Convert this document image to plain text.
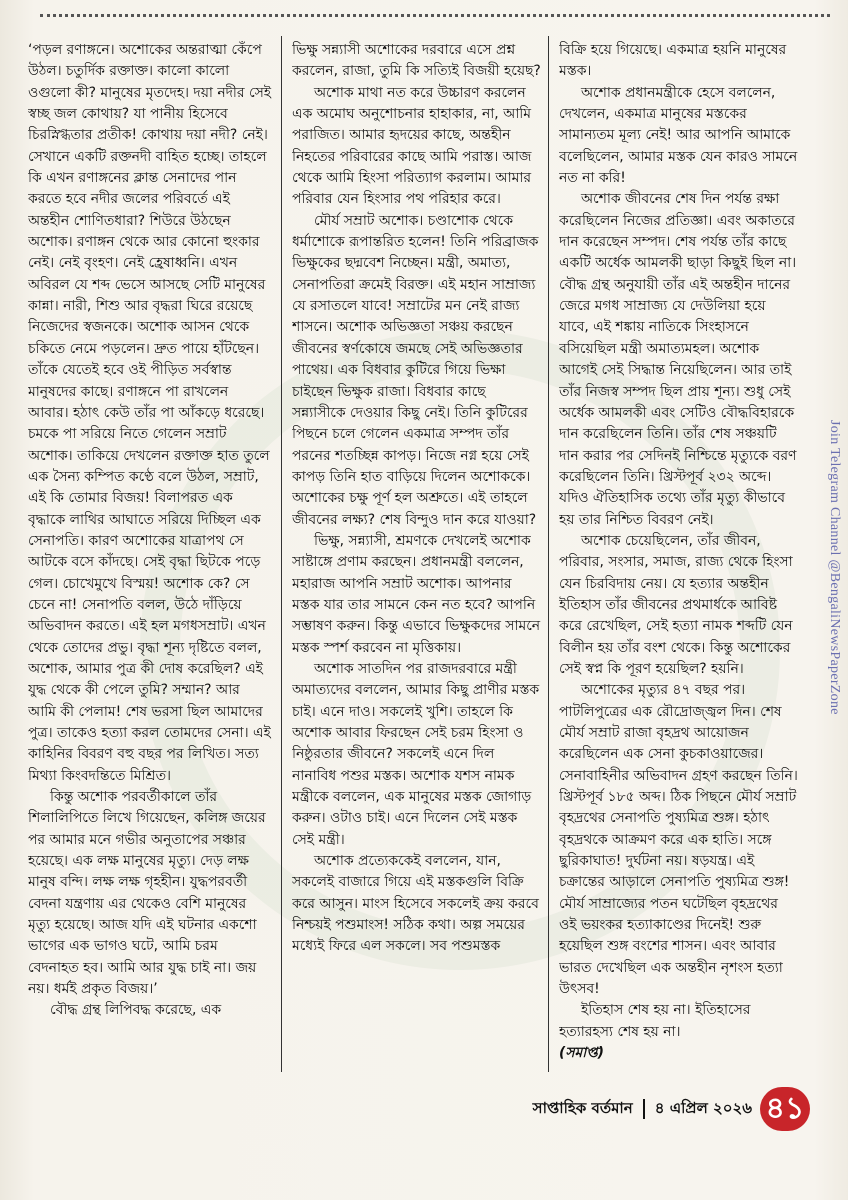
‘পড়ল রণাঙ্গনে। অশোকের অন্তরাত্মা কেঁপে উঠল। চতুর্দিক রক্তাক্ত। কালো কালো ওগুলো কী? মানুষের মৃতদেহ। দয়া নদীর সেই স্বচ্ছ জল কোথায়? যা পানীয় হিসেবে চিরস্নিগ্ধতার প্রতীক! কোথায় দয়া নদী? নেই। সেখানে একটি রক্তনদী বাহিত হচ্ছে। তাহলে কি এখন রণাঙ্গনের ক্লান্ত সেনাদের পান করতে হবে নদীর জলের পরিবর্তে এই অন্তহীন শোণিতধারা? শিউরে উঠছেন অশোক। রণাঙ্গন থেকে আর কোনো হুংকার নেই। নেই বৃংহণ। নেই হ্রেষাধ্বনি। এখন অবিরল যে শব্দ ভেসে আসছে সেটি মানুষের কান্না। নারী, শিশু আর বৃদ্ধরা ঘিরে রয়েছে নিজেদের স্বজনকে। অশোক আসন থেকে চকিতে নেমে পড়লেন। দ্রুত পায়ে হাঁটছেন। তাঁকে যেতেই হবে ওই পীড়িত সর্বস্বান্ত মানুষদের কাছে। রণাঙ্গনে পা রাখলেন আবার। হঠাৎ কেউ তাঁর পা আঁকড়ে ধরেছে। চমকে পা সরিয়ে নিতে গেলেন সম্রাট অশোক। তাকিয়ে দেখলেন রক্তাক্ত হাত তুলে এক সৈন্য কম্পিত কণ্ঠে বলে উঠল, সম্রাট, এই কি তোমার বিজয়! বিলাপরত এক বৃদ্ধাকে লাথির আঘাতে সরিয়ে দিচ্ছিল এক সেনাপতি। কারণ অশোকের যাত্রাপথ সে আটকে বসে কাঁদছে। সেই বৃদ্ধা ছিটকে পড়ে গেল। চোখেমুখে বিস্ময়! অশোক কে? সে চেনে না! সেনাপতি বলল, উঠে দাঁড়িয়ে অভিবাদন করতে। এই হল মগধসম্রাট। এখন থেকে তোদের প্রভু। বৃদ্ধা শূন্য দৃষ্টিতে বলল, অশোক, আমার পুত্র কী দোষ করেছিল? এই যুদ্ধ থেকে কী পেলে তুমি? সম্মান? আর আমি কী পেলাম! শেষ ভরসা ছিল আমাদের পুত্র। তাকেও হত্যা করল তোমদের সেনা। এই কাহিনির বিবরণ বহু বছর পর লিখিত। সত্য মিথ্যা কিংবদন্তিতে মিশ্রিত।

কিন্তু অশোক পরবর্তীকালে তাঁর শিলালিপিতে লিখে গিয়েছেন, কলিঙ্গ জয়ের পর আমার মনে গভীর অনুতাপের সঞ্চার হয়েছে। এক লক্ষ মানুষের মৃত্যু। দেড় লক্ষ মানুষ বন্দি। লক্ষ লক্ষ গৃহহীন। যুদ্ধপরবর্তী বেদনা যন্ত্রণায় এর থেকেও বেশি মানুষের মৃত্যু হয়েছে। আজ যদি এই ঘটনার একশো ভাগের এক ভাগও ঘটে, আমি চরম বেদনাহত হব। আমি আর যুদ্ধ চাই না। জয় নয়। ধর্মই প্রকৃত বিজয়।’

বৌদ্ধ গ্রন্থ লিপিবদ্ধ করেছে, এক

ভিক্ষু সন্ন্যাসী অশোকের দরবারে এসে প্রশ্ন করলেন, রাজা, তুমি কি সত্যিই বিজয়ী হয়েছ?

অশোক মাথা নত করে উচ্চারণ করলেন এক অমোঘ অনুশোচনার হাহাকার, না, আমি পরাজিত। আমার হৃদয়ের কাছে, অন্তহীন নিহতের পরিবারের কাছে আমি পরাস্ত। আজ থেকে আমি হিংসা পরিত্যাগ করলাম। আমার পরিবার যেন হিংসার পথ পরিহার করে।

মৌর্য সম্রাট অশোক। চণ্ডাশোক থেকে ধর্মাশোকে রূপান্তরিত হলেন! তিনি পরিব্রাজক ভিক্ষুকের ছদ্মবেশ নিচ্ছেন। মন্ত্রী, অমাত্য, সেনাপতিরা ক্রমেই বিরক্ত। এই মহান সাম্রাজ্য যে রসাতলে যাবে! সম্রাটের মন নেই রাজ্য শাসনে। অশোক অভিজ্ঞতা সঞ্চয় করছেন জীবনের স্বর্ণকোষে জমছে সেই অভিজ্ঞতার পাথেয়। এক বিধবার কুটিরে গিয়ে ভিক্ষা চাইছেন ভিক্ষুক রাজা। বিধবার কাছে সন্ন্যাসীকে দেওয়ার কিছু নেই। তিনি কুটিরের পিছনে চলে গেলেন একমাত্র সম্পদ তাঁর পরনের শতচ্ছিন্ন কাপড়। নিজে নগ্ন হয়ে সেই কাপড় তিনি হাত বাড়িয়ে দিলেন অশোককে। অশোকের চক্ষু পূর্ণ হল অশ্রুতে। এই তাহলে জীবনের লক্ষ্য? শেষ বিন্দুও দান করে যাওয়া?

ভিক্ষু, সন্ন্যাসী, শ্রমণকে দেখলেই অশোক সাষ্টাঙ্গে প্রণাম করছেন। প্রধানমন্ত্রী বললেন, মহারাজ আপনি সম্রাট অশোক। আপনার মস্তক যার তার সামনে কেন নত হবে? আপনি সম্ভাষণ করুন। কিন্তু এভাবে ভিক্ষুকদের সামনে মস্তক স্পর্শ করবেন না মৃত্তিকায়।

অশোক সাতদিন পর রাজদরবারে মন্ত্রী অমাত্যদের বললেন, আমার কিছু প্রাণীর মস্তক চাই। এনে দাও। সকলেই খুশি। তাহলে কি অশোক আবার ফিরছেন সেই চরম হিংসা ও নিষ্ঠুরতার জীবনে? সকলেই এনে দিল নানাবিধ পশুর মস্তক। অশোক যশস নামক মন্ত্রীকে বললেন, এক মানুষের মস্তক জোগাড় করুন। ওটাও চাই। এনে দিলেন সেই মস্তক সেই মন্ত্রী।

অশোক প্রত্যেককেই বললেন, যান, সকলেই বাজারে গিয়ে এই মস্তকগুলি বিক্রি করে আসুন। মাংস হিসেবে সকলেই ক্রয় করবে নিশ্চয়ই পশুমাংস! সঠিক কথা। অল্প সময়ের মধ্যেই ফিরে এল সকলে। সব পশুমস্তক

বিক্রি হয়ে গিয়েছে। একমাত্র হয়নি মানুষের মস্তক।

অশোক প্রধানমন্ত্রীকে হেসে বললেন, দেখলেন, একমাত্র মানুষের মস্তকের সামান্যতম মূল্য নেই! আর আপনি আমাকে বলেছিলেন, আমার মস্তক যেন কারও সামনে নত না করি!

অশোক জীবনের শেষ দিন পর্যন্ত রক্ষা করেছিলেন নিজের প্রতিজ্ঞা। এবং অকাতরে দান করেছেন সম্পদ। শেষ পর্যন্ত তাঁর কাছে একটি অর্ধেক আমলকী ছাড়া কিছুই ছিল না। বৌদ্ধ গ্রন্থ অনুযায়ী তাঁর এই অন্তহীন দানের জেরে মগধ সাম্রাজ্য যে দেউলিয়া হয়ে যাবে, এই শঙ্কায় নাতিকে সিংহাসনে বসিয়েছিল মন্ত্রী অমাত্যমহল। অশোক আগেই সেই সিদ্ধান্ত নিয়েছিলেন। আর তাই তাঁর নিজস্ব সম্পদ ছিল প্রায় শূন্য। শুধু সেই অর্ধেক আমলকী এবং সেটিও বৌদ্ধবিহারকে দান করেছিলেন তিনি। তাঁর শেষ সঞ্চয়টি দান করার পর সেদিনই নিশ্চিন্তে মৃত্যুকে বরণ করেছিলেন তিনি। খ্রিস্টপূর্ব ২৩২ অব্দে। যদিও ঐতিহাসিক তথ্যে তাঁর মৃত্যু কীভাবে হয় তার নিশ্চিত বিবরণ নেই।

অশোক চেয়েছিলেন, তাঁর জীবন, পরিবার, সংসার, সমাজ, রাজ্য থেকে হিংসা যেন চিরবিদায় নেয়। যে হত্যার অন্তহীন ইতিহাস তাঁর জীবনের প্রথমার্ধকে আবিষ্ট করে রেখেছিল, সেই হত্যা নামক শব্দটি যেন বিলীন হয় তাঁর বংশ থেকে। কিন্তু অশোকের সেই স্বপ্ন কি পূরণ হয়েছিল? হয়নি।

অশোকের মৃত্যুর ৪৭ বছর পর। পাটলিপুত্রের এক রৌদ্রোজ্জ্বল দিন। শেষ মৌর্য সম্রাট রাজা বৃহদ্রথ আয়োজন করেছিলেন এক সেনা কুচকাওয়াজের। সেনাবাহিনীর অভিবাদন গ্রহণ করছেন তিনি। খ্রিস্টপূর্ব ১৮৫ অব্দ। ঠিক পিছনে মৌর্য সম্রাট বৃহদ্রথের সেনাপতি পুষ্যমিত্র শুঙ্গ। হঠাৎ বৃহদ্রথকে আক্রমণ করে এক হাতি। সঙ্গে ছুরিকাঘাত! দুর্ঘটনা নয়। ষড়যন্ত্র। এই চক্রান্তের আড়ালে সেনাপতি পুষ্যমিত্র শুঙ্গ! মৌর্য সাম্রাজ্যের পতন ঘটেছিল বৃহদ্রথের ওই ভয়ংকর হত্যাকাণ্ডের দিনেই! শুরু হয়েছিল শুঙ্গ বংশের শাসন। এবং আবার ভারত দেখেছিল এক অন্তহীন নৃশংস হত্যা উৎসব!

ইতিহাস শেষ হয় না। ইতিহাসের হত্যারহস্য শেষ হয় না।

(সমাপ্ত)

Join Telegram Channel @BengaliNewsPaperZone
সাপ্তাহিক বর্তমান ৪ এপ্রিল ২০২৬ ৪১
